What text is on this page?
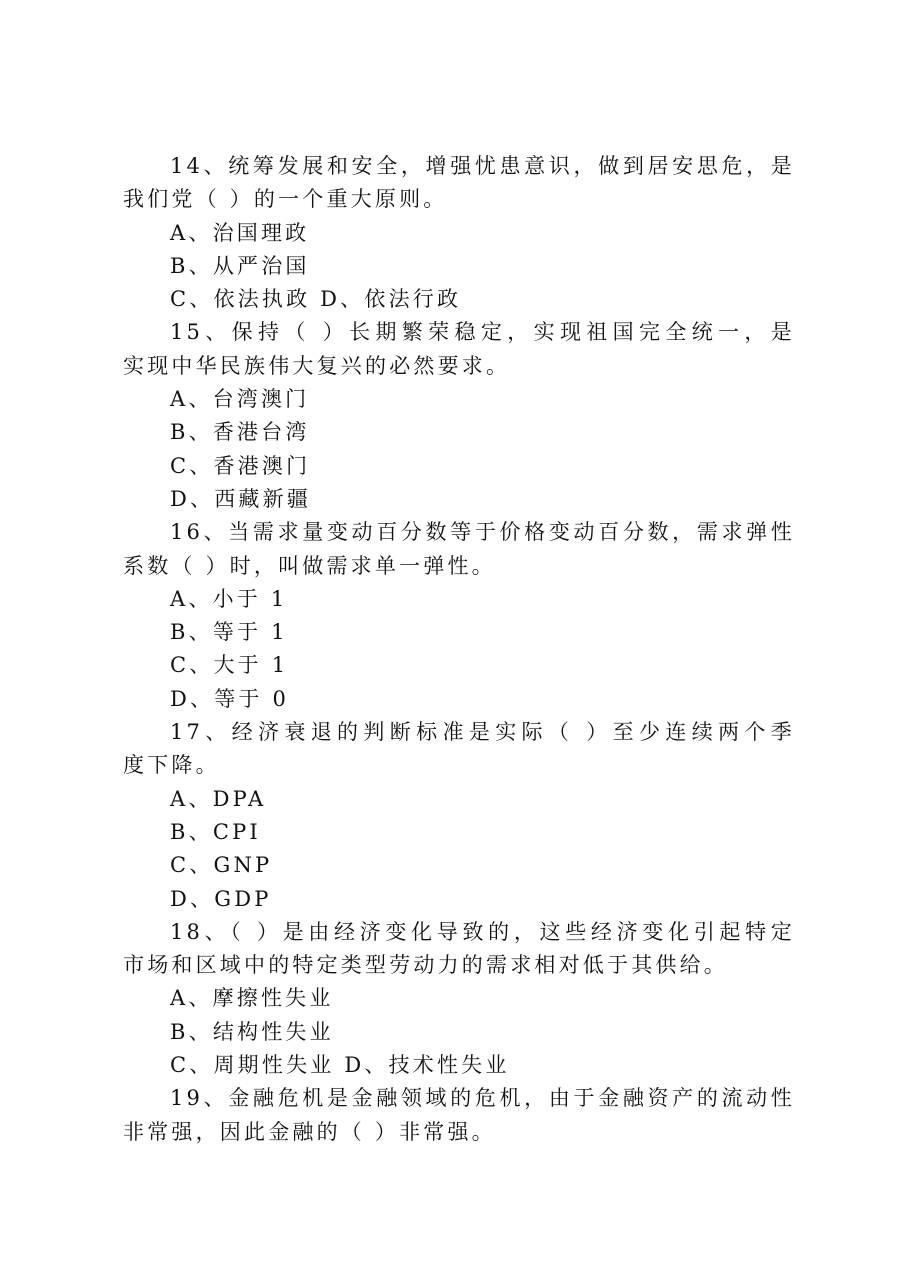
14、统筹发展和安全，增强忧患意识，做到居安思危，是
我们党（ ）的一个重大原则。
A、治国理政
B、从严治国
C、依法执政 D、依法行政
15、保持（ ）长期繁荣稳定，实现祖国完全统一，是
实现中华民族伟大复兴的必然要求。
A、台湾澳门
B、香港台湾
C、香港澳门
D、西藏新疆
16、当需求量变动百分数等于价格变动百分数，需求弹性
系数（ ）时，叫做需求单一弹性。
A、小于 1
B、等于 1
C、大于 1
D、等于 0
17、经济衰退的判断标准是实际（ ）至少连续两个季
度下降。
A、DPA
B、CPI
C、GNP
D、GDP
18、（ ）是由经济变化导致的，这些经济变化引起特定
市场和区域中的特定类型劳动力的需求相对低于其供给。
A、摩擦性失业
B、结构性失业
C、周期性失业 D、技术性失业
19、金融危机是金融领域的危机，由于金融资产的流动性
非常强，因此金融的（ ）非常强。
